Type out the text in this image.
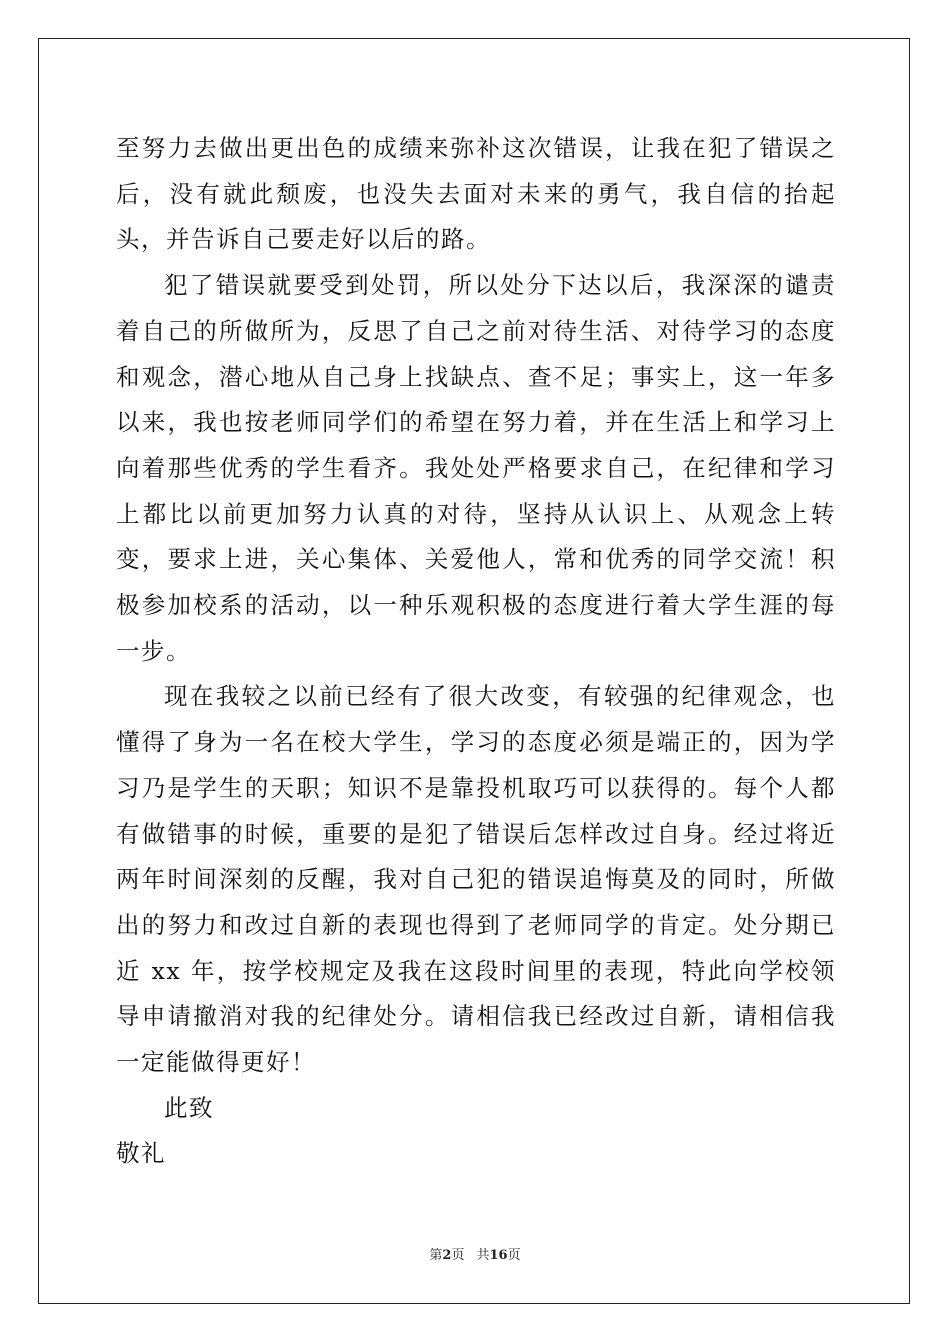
至努力去做出更出色的成绩来弥补这次错误，让我在犯了错误之后，没有就此颓废，也没失去面对未来的勇气，我自信的抬起头，并告诉自己要走好以后的路。

犯了错误就要受到处罚，所以处分下达以后，我深深的谴责着自己的所做所为，反思了自己之前对待生活、对待学习的态度和观念，潜心地从自己身上找缺点、查不足；事实上，这一年多以来，我也按老师同学们的希望在努力着，并在生活上和学习上向着那些优秀的学生看齐。我处处严格要求自己，在纪律和学习上都比以前更加努力认真的对待，坚持从认识上、从观念上转变，要求上进，关心集体、关爱他人，常和优秀的同学交流！积极参加校系的活动，以一种乐观积极的态度进行着大学生涯的每一步。

现在我较之以前已经有了很大改变，有较强的纪律观念，也懂得了身为一名在校大学生，学习的态度必须是端正的，因为学习乃是学生的天职；知识不是靠投机取巧可以获得的。每个人都有做错事的时候，重要的是犯了错误后怎样改过自身。经过将近两年时间深刻的反醒，我对自己犯的错误追悔莫及的同时，所做出的努力和改过自新的表现也得到了老师同学的肯定。处分期已近 xx 年，按学校规定及我在这段时间里的表现，特此向学校领导申请撤消对我的纪律处分。请相信我已经改过自新，请相信我一定能做得更好！

此致

敬礼

第2页 共16页
